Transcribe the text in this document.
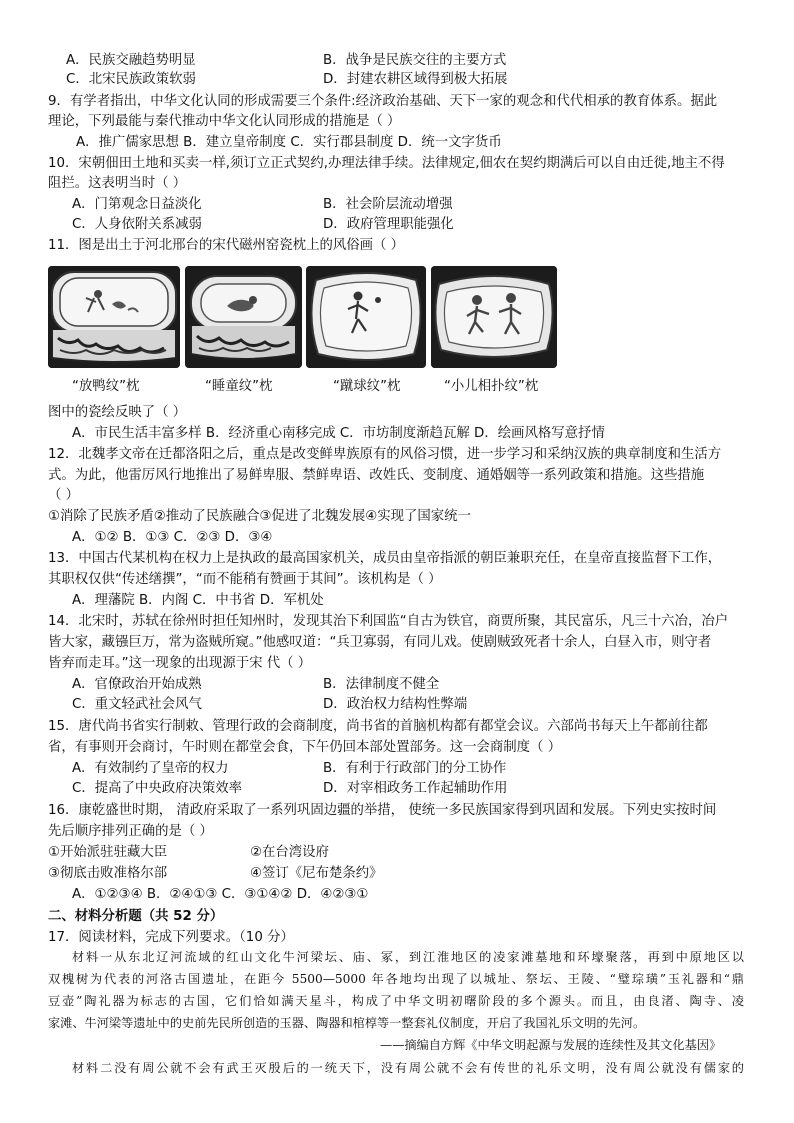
A．民族交融趋势明显	B．战争是民族交往的主要方式
C．北宋民族政策软弱	D．封建农耕区域得到极大拓展
9．有学者指出，中华文化认同的形成需要三个条件:经济政治基础、天下一家的观念和代代相承的教育体系。据此
理论，下列最能与秦代推动中华文化认同形成的措施是（ ）
A．推广儒家思想 B．建立皇帝制度 C．实行郡县制度 D．统一文字货币
10．宋朝佃田土地和买卖一样,须订立正式契约,办理法律手续。法律规定,佃农在契约期满后可以自由迁徙,地主不得
阻拦。这表明当时（ ）
A．门第观念日益淡化	B．社会阶层流动增强
C．人身依附关系减弱	D．政府管理职能强化
11．图是出土于河北邢台的宋代磁州窑瓷枕上的风俗画（ ）
“放鸭纹”枕	“睡童纹”枕	“蹴球纹”枕	“小儿相扑纹”枕
图中的瓷绘反映了（ ）
A．市民生活丰富多样 B．经济重心南移完成 C．市坊制度渐趋瓦解 D．绘画风格写意抒情
12．北魏孝文帝在迁都洛阳之后，重点是改变鲜卑族原有的风俗习惯，进一步学习和采纳汉族的典章制度和生活方
式。为此，他雷厉风行地推出了易鲜卑服、禁鲜卑语、改姓氏、变制度、通婚姻等一系列政策和措施。这些措施
（ ）
①消除了民族矛盾②推动了民族融合③促进了北魏发展④实现了国家统一
A．①② B．①③ C．②③ D．③④
13．中国古代某机构在权力上是执政的最高国家机关，成员由皇帝指派的朝臣兼职充任，在皇帝直接监督下工作，
其职权仅供“传述缮撰”，“而不能稍有赞画于其间”。该机构是（ ）
A．理藩院 B．内阁 C．中书省 D．军机处
14．北宋时，苏轼在徐州时担任知州时，发现其治下利国监“自古为铁官，商贾所聚，其民富乐，凡三十六冶，冶户
皆大家，藏镪巨万，常为盗贼所窥。”他感叹道：“兵卫寡弱，有同儿戏。使剧贼致死者十余人，白昼入市，则守者
皆弃而走耳。”这一现象的出现源于宋 代（ ）
A．官僚政治开始成熟	B．法律制度不健全
C．重文轻武社会风气	D．政治权力结构性弊端
15．唐代尚书省实行制敕、管理行政的会商制度，尚书省的首脑机构都有都堂会议。六部尚书每天上午都前往都
省，有事则开会商讨，午时则在都堂会食，下午仍回本部处置部务。这一会商制度（ ）
A．有效制约了皇帝的权力	B．有利于行政部门的分工协作
C．提高了中央政府决策效率	D．对宰相政务工作起辅助作用
16．康乾盛世时期， 清政府采取了一系列巩固边疆的举措， 使统一多民族国家得到巩固和发展。下列史实按时间
先后顺序排列正确的是（ ）
①开始派驻驻藏大臣	②在台湾设府
③彻底击败准格尔部	④签订《尼布楚条约》
A．①②③④ B．②④①③ C．③①④② D．④②③①
二、材料分析题（共 52 分）
17．阅读材料，完成下列要求。（10 分）
材料一从东北辽河流域的红山文化牛河梁坛、庙、冢，到江淮地区的凌家滩墓地和环壕聚落，再到中原地区以
双槐树为代表的河洛古国遗址，在距今 5500—5000 年各地均出现了以城址、祭坛、王陵、“璧琮璜”玉礼器和“鼎
豆壶”陶礼器为标志的古国，它们恰如满天星斗，构成了中华文明初曙阶段的多个源头。而且，由良渚、陶寺、凌
家滩、牛河梁等遗址中的史前先民所创造的玉器、陶器和棺椁等一整套礼仪制度，开启了我国礼乐文明的先河。
——摘编自方辉《中华文明起源与发展的连续性及其文化基因》
材料二没有周公就不会有武王灭殷后的一统天下，没有周公就不会有传世的礼乐文明，没有周公就没有儒家的
